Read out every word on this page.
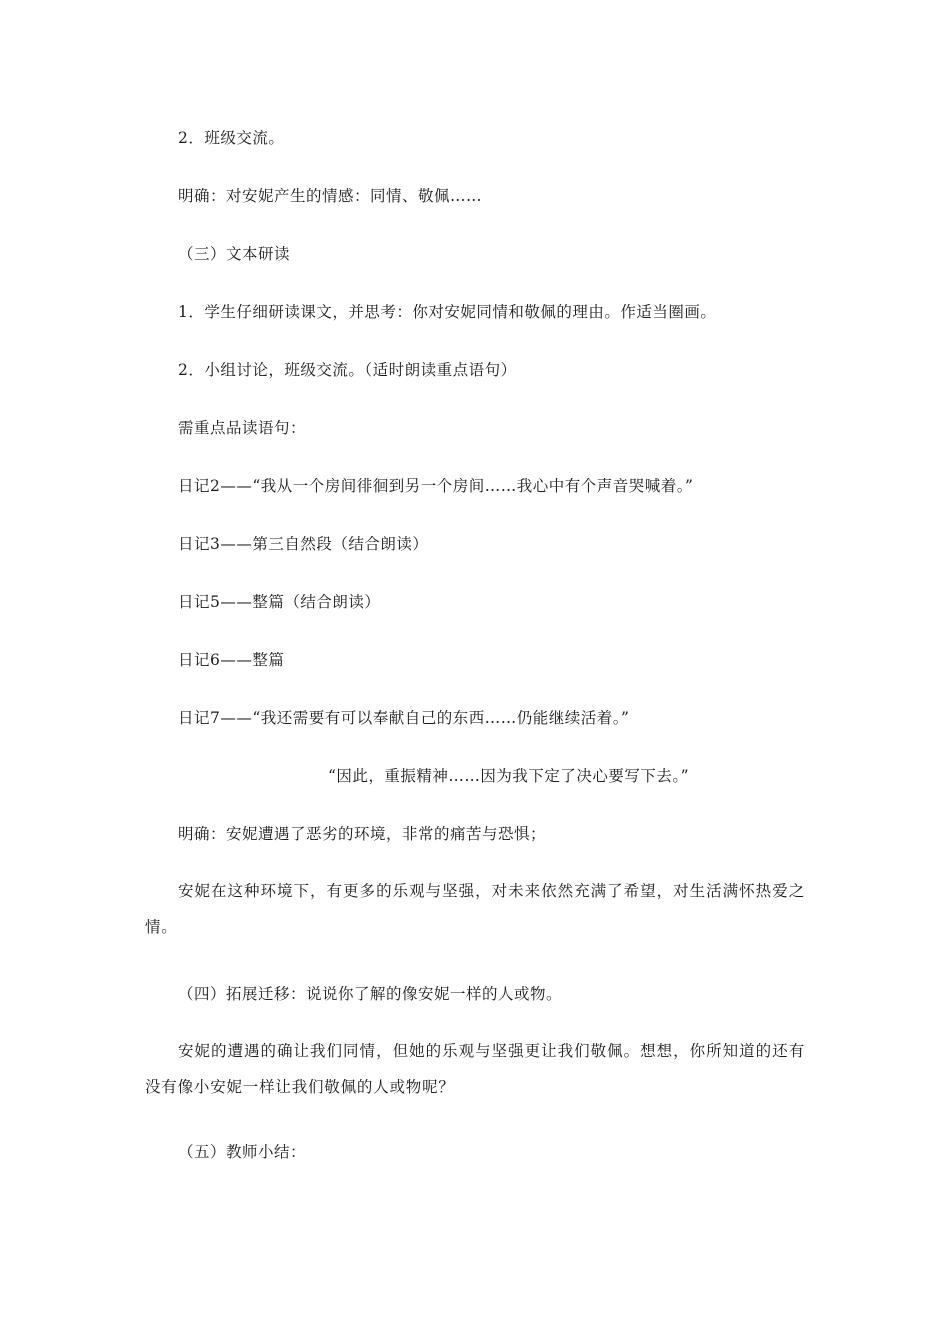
2．班级交流。
明确：对安妮产生的情感：同情、敬佩……
（三）文本研读
1．学生仔细研读课文，并思考：你对安妮同情和敬佩的理由。作适当圈画。
2．小组讨论，班级交流。（适时朗读重点语句）
需重点品读语句：
日记2——“我从一个房间徘徊到另一个房间……我心中有个声音哭喊着。”
日记3——第三自然段（结合朗读）
日记5——整篇（结合朗读）
日记6——整篇
日记7——“我还需要有可以奉献自己的东西……仍能继续活着。”
“因此，重振精神……因为我下定了决心要写下去。”
明确：安妮遭遇了恶劣的环境，非常的痛苦与恐惧；
安妮在这种环境下，有更多的乐观与坚强，对未来依然充满了希望，对生活满怀热爱之情。
（四）拓展迁移：说说你了解的像安妮一样的人或物。
安妮的遭遇的确让我们同情，但她的乐观与坚强更让我们敬佩。想想，你所知道的还有没有像小安妮一样让我们敬佩的人或物呢？
（五）教师小结：
